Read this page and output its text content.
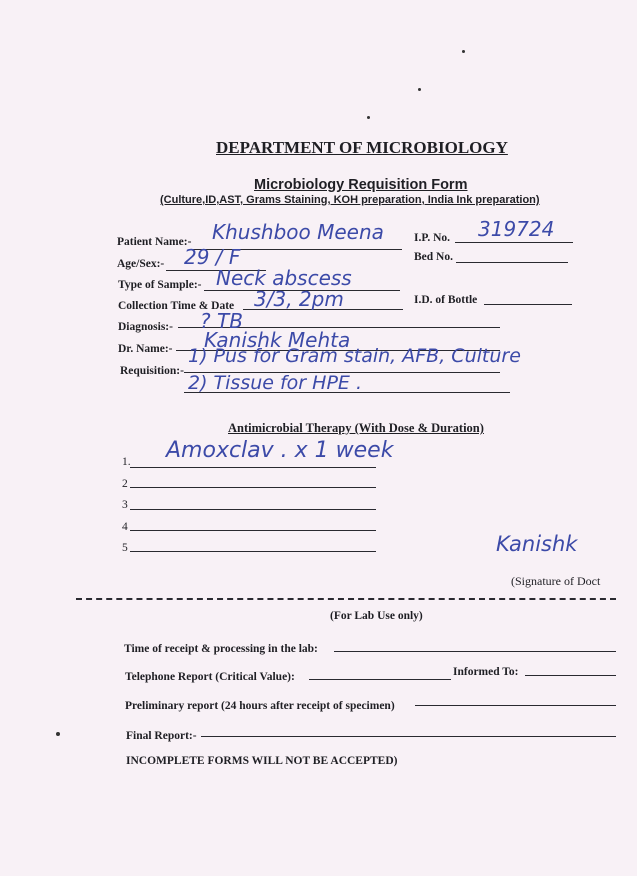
DEPARTMENT OF MICROBIOLOGY
Microbiology Requisition Form
(Culture,ID,AST, Grams Staining, KOH preparation, India Ink preparation)
Patient Name:- Khushboo Meena	I.P. No. 319724
Age/Sex:- 29 / F	Bed No.
Type of Sample:- Neck abscess
Collection Time & Date 3/3, 2pm	I.D. of Bottle
Diagnosis:- ? TB
Dr. Name:- Kanishk Mehta
Requisition:-
1) Pus for Gram stain, AFB, Culture
2) Tissue for HPE .
Antimicrobial Therapy (With Dose & Duration)
1. Amoxclav . x 1 week
2
3
4
5	Kanishk
(Signature of Doct
(For Lab Use only)
Time of receipt & processing in the lab:
Telephone Report (Critical Value):	Informed To:
Preliminary report (24 hours after receipt of specimen)
Final Report:-
INCOMPLETE FORMS WILL NOT BE ACCEPTED)
